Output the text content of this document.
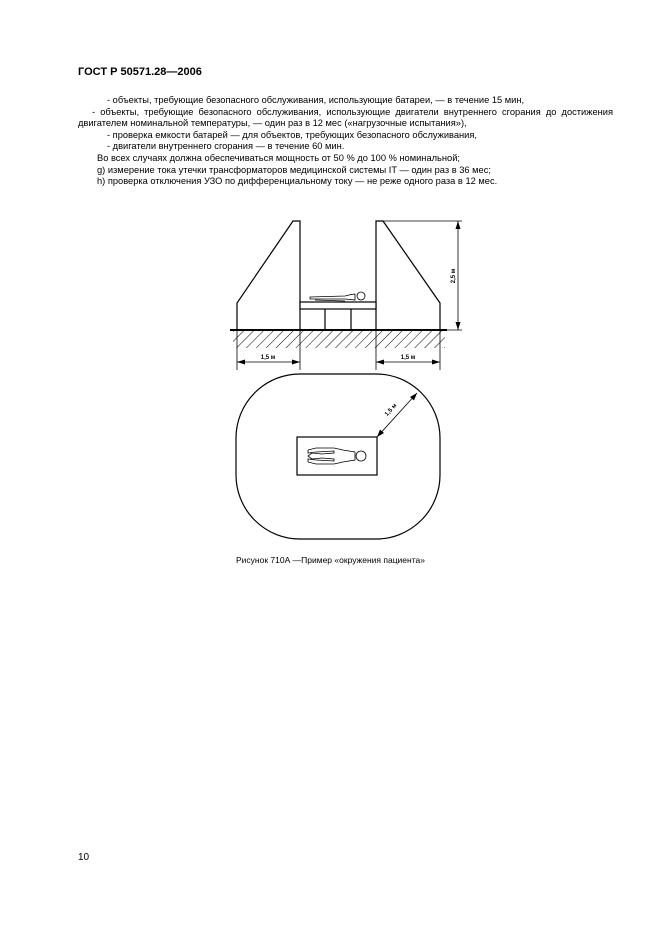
ГОСТ Р 50571.28—2006
- объекты, требующие безопасного обслуживания, использующие батареи, — в течение 15 мин,
- объекты, требующие безопасного обслуживания, использующие двигатели внутреннего сгорания до достижения двигателем номинальной температуры, — один раз в 12 мес («нагрузочные испытания»),
- проверка емкости батарей — для объектов, требующих безопасного обслуживания,
- двигатели внутреннего сгорания — в течение 60 мин.
Во всех случаях должна обеспечиваться мощность от 50 % до 100 % номинальной;
g) измерение тока утечки трансформаторов медицинской системы IT — один раз в 36 мес;
h) проверка отключения УЗО по дифференциальному току — не реже одного раза в 12 мес.
2,5 м
1,5 м	1,5 м
1,5 м
Рисунок 710А —Пример «окружения пациента»
10
